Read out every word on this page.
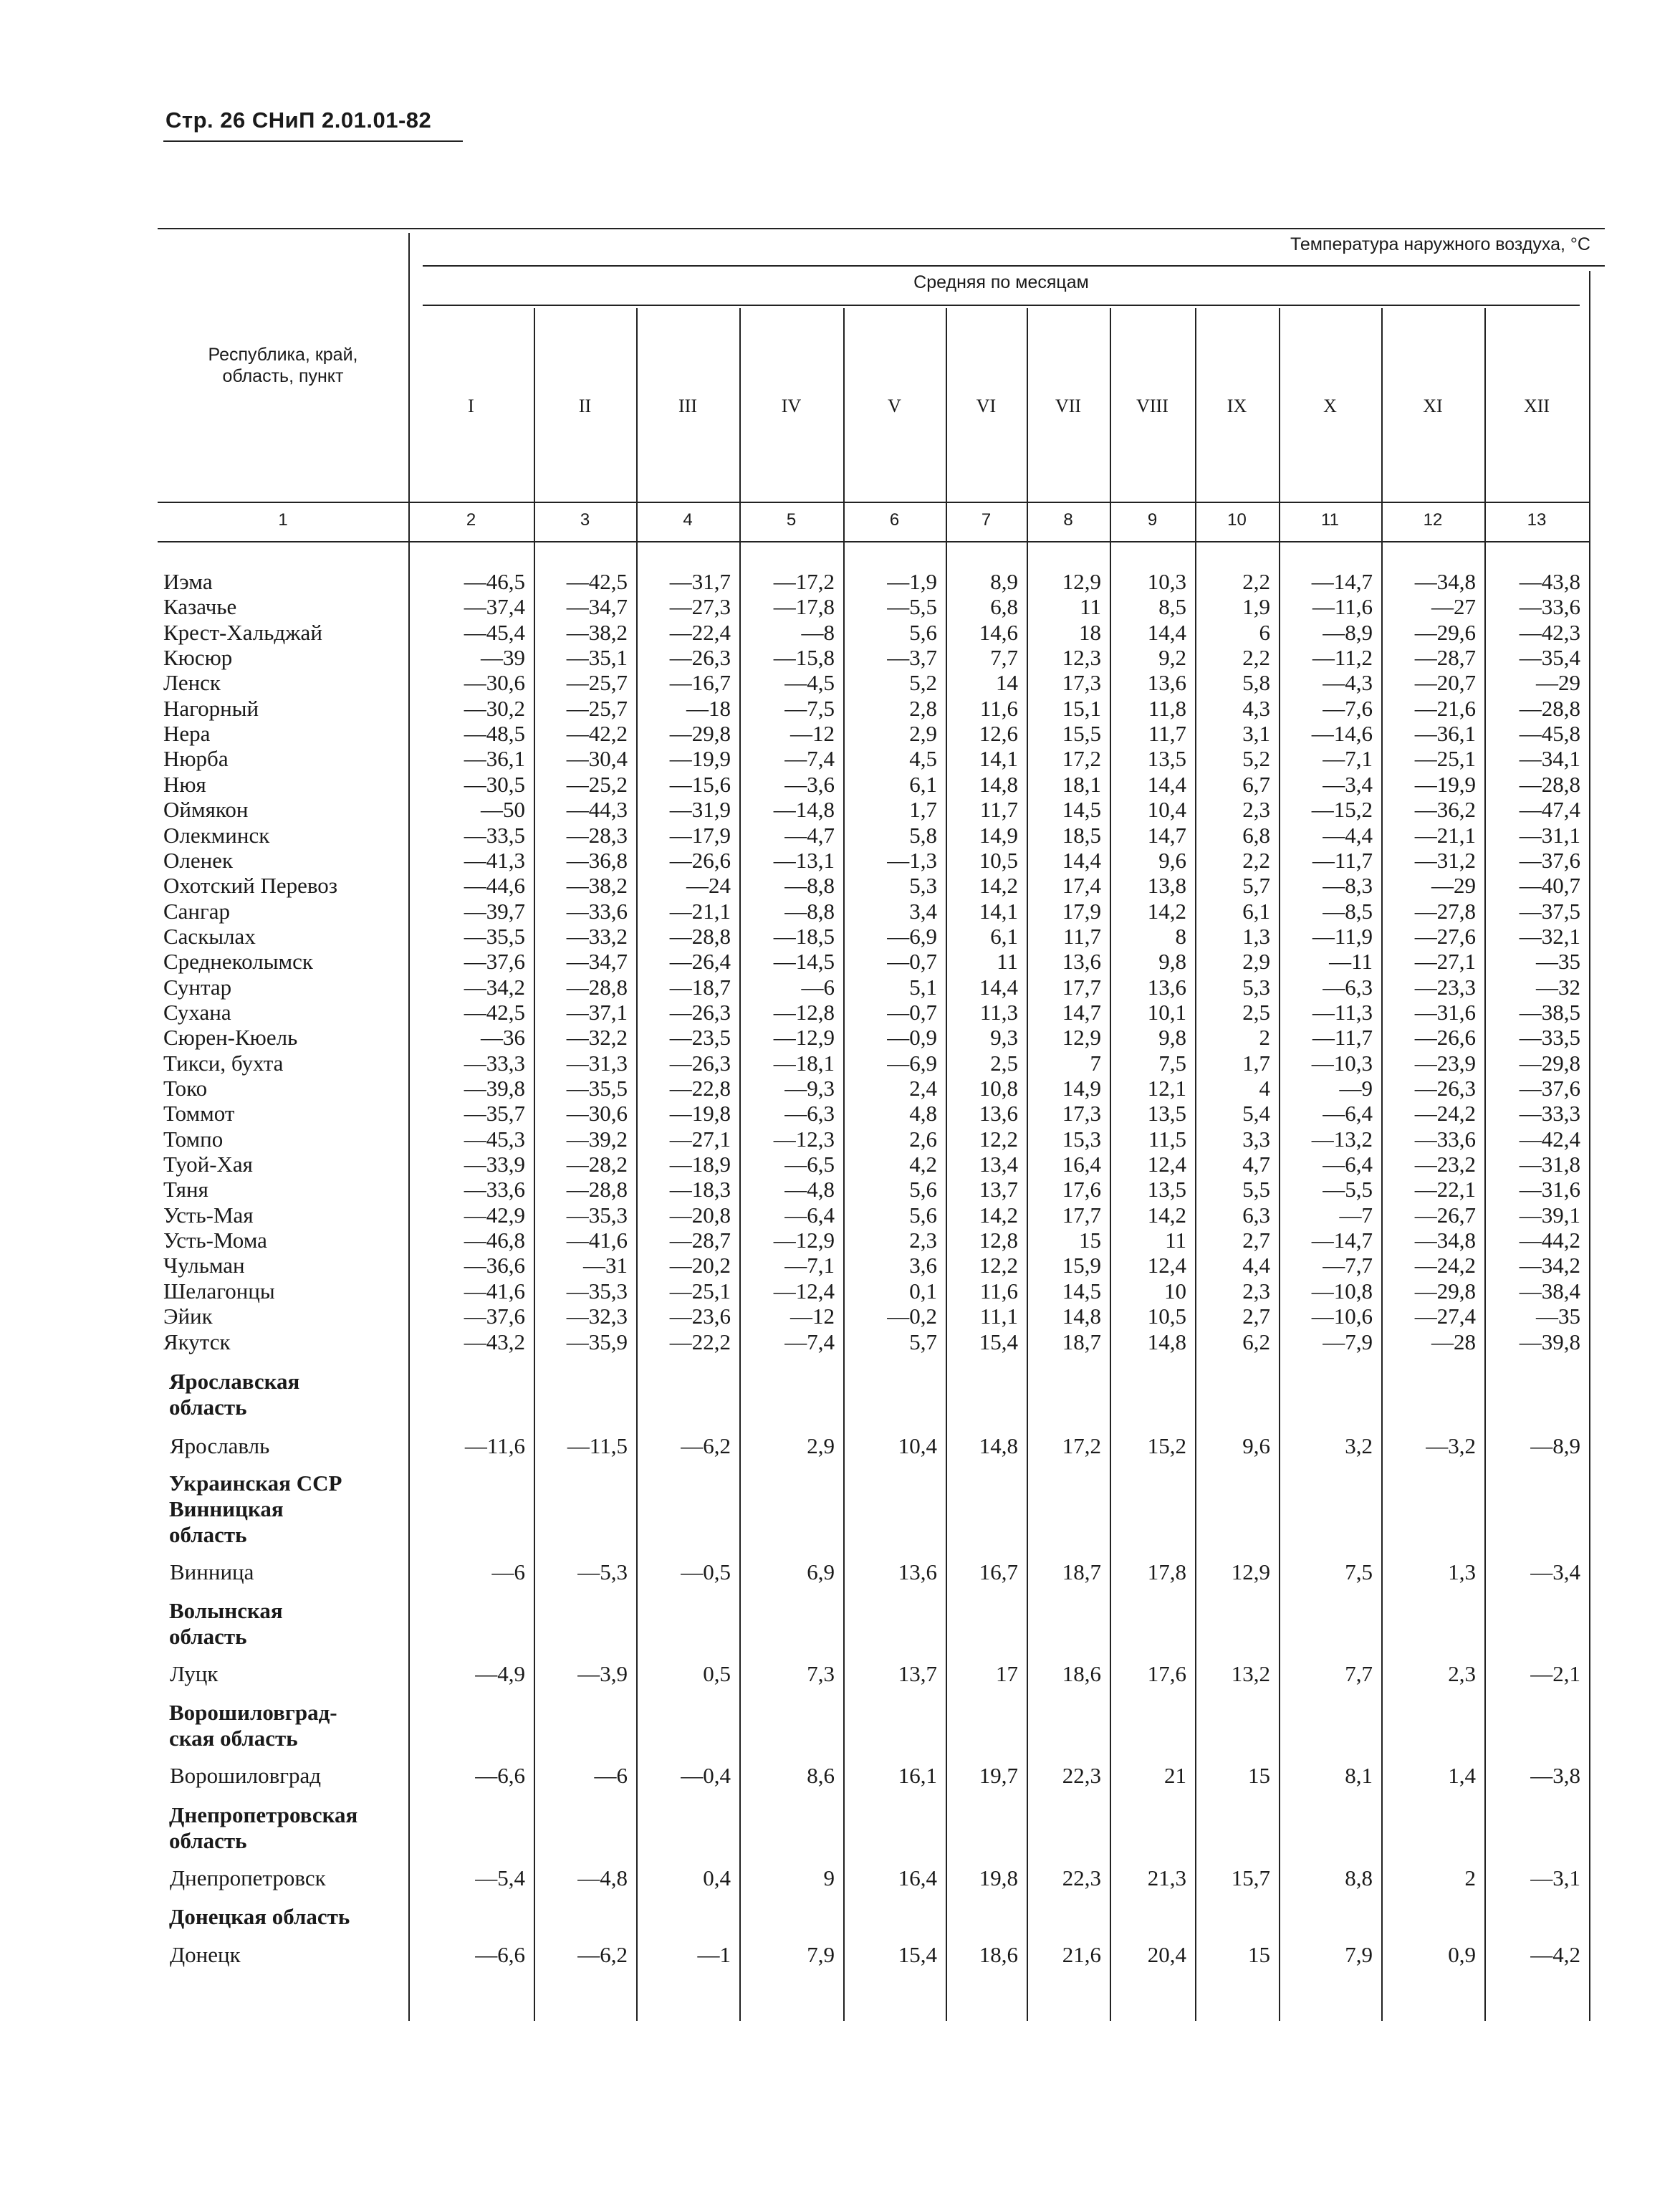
Стр. 26 СНиП 2.01.01-82
Температура наружного воздуха, °С
Средняя по месяцам
Республика, край,
область, пункт
I	II	III	IV	V	VI	VII	VIII	IX	X	XI	XII
1	2	3	4	5	6	7	8	9	10	11	12	13
Иэма	—46,5	—42,5	—31,7	—17,2	—1,9	8,9	12,9	10,3	2,2	—14,7	—34,8	—43,8
Казачье	—37,4	—34,7	—27,3	—17,8	—5,5	6,8	11	8,5	1,9	—11,6	—27	—33,6
Крест-Хальджай	—45,4	—38,2	—22,4	—8	5,6	14,6	18	14,4	6	—8,9	—29,6	—42,3
Кюсюр	—39	—35,1	—26,3	—15,8	—3,7	7,7	12,3	9,2	2,2	—11,2	—28,7	—35,4
Ленск	—30,6	—25,7	—16,7	—4,5	5,2	14	17,3	13,6	5,8	—4,3	—20,7	—29
Нагорный	—30,2	—25,7	—18	—7,5	2,8	11,6	15,1	11,8	4,3	—7,6	—21,6	—28,8
Нера	—48,5	—42,2	—29,8	—12	2,9	12,6	15,5	11,7	3,1	—14,6	—36,1	—45,8
Нюрба	—36,1	—30,4	—19,9	—7,4	4,5	14,1	17,2	13,5	5,2	—7,1	—25,1	—34,1
Нюя	—30,5	—25,2	—15,6	—3,6	6,1	14,8	18,1	14,4	6,7	—3,4	—19,9	—28,8
Оймякон	—50	—44,3	—31,9	—14,8	1,7	11,7	14,5	10,4	2,3	—15,2	—36,2	—47,4
Олекминск	—33,5	—28,3	—17,9	—4,7	5,8	14,9	18,5	14,7	6,8	—4,4	—21,1	—31,1
Оленек	—41,3	—36,8	—26,6	—13,1	—1,3	10,5	14,4	9,6	2,2	—11,7	—31,2	—37,6
Охотский Перевоз	—44,6	—38,2	—24	—8,8	5,3	14,2	17,4	13,8	5,7	—8,3	—29	—40,7
Сангар	—39,7	—33,6	—21,1	—8,8	3,4	14,1	17,9	14,2	6,1	—8,5	—27,8	—37,5
Саскылах	—35,5	—33,2	—28,8	—18,5	—6,9	6,1	11,7	8	1,3	—11,9	—27,6	—32,1
Среднеколымск	—37,6	—34,7	—26,4	—14,5	—0,7	11	13,6	9,8	2,9	—11	—27,1	—35
Сунтар	—34,2	—28,8	—18,7	—6	5,1	14,4	17,7	13,6	5,3	—6,3	—23,3	—32
Сухана	—42,5	—37,1	—26,3	—12,8	—0,7	11,3	14,7	10,1	2,5	—11,3	—31,6	—38,5
Сюрен-Кюель	—36	—32,2	—23,5	—12,9	—0,9	9,3	12,9	9,8	2	—11,7	—26,6	—33,5
Тикси, бухта	—33,3	—31,3	—26,3	—18,1	—6,9	2,5	7	7,5	1,7	—10,3	—23,9	—29,8
Токо	—39,8	—35,5	—22,8	—9,3	2,4	10,8	14,9	12,1	4	—9	—26,3	—37,6
Томмот	—35,7	—30,6	—19,8	—6,3	4,8	13,6	17,3	13,5	5,4	—6,4	—24,2	—33,3
Томпо	—45,3	—39,2	—27,1	—12,3	2,6	12,2	15,3	11,5	3,3	—13,2	—33,6	—42,4
Туой-Хая	—33,9	—28,2	—18,9	—6,5	4,2	13,4	16,4	12,4	4,7	—6,4	—23,2	—31,8
Тяня	—33,6	—28,8	—18,3	—4,8	5,6	13,7	17,6	13,5	5,5	—5,5	—22,1	—31,6
Усть-Мая	—42,9	—35,3	—20,8	—6,4	5,6	14,2	17,7	14,2	6,3	—7	—26,7	—39,1
Усть-Мома	—46,8	—41,6	—28,7	—12,9	2,3	12,8	15	11	2,7	—14,7	—34,8	—44,2
Чульман	—36,6	—31	—20,2	—7,1	3,6	12,2	15,9	12,4	4,4	—7,7	—24,2	—34,2
Шелагонцы	—41,6	—35,3	—25,1	—12,4	0,1	11,6	14,5	10	2,3	—10,8	—29,8	—38,4
Эйик	—37,6	—32,3	—23,6	—12	—0,2	11,1	14,8	10,5	2,7	—10,6	—27,4	—35
Якутск	—43,2	—35,9	—22,2	—7,4	5,7	15,4	18,7	14,8	6,2	—7,9	—28	—39,8
Ярославская
область
Ярославль	—11,6	—11,5	—6,2	2,9	10,4	14,8	17,2	15,2	9,6	3,2	—3,2	—8,9
Украинская ССР
Винницкая
область
Винница	—6	—5,3	—0,5	6,9	13,6	16,7	18,7	17,8	12,9	7,5	1,3	—3,4
Волынская
область
Луцк	—4,9	—3,9	0,5	7,3	13,7	17	18,6	17,6	13,2	7,7	2,3	—2,1
Ворошиловград-
ская область
Ворошиловград	—6,6	—6	—0,4	8,6	16,1	19,7	22,3	21	15	8,1	1,4	—3,8
Днепропетровская
область
Днепропетровск	—5,4	—4,8	0,4	9	16,4	19,8	22,3	21,3	15,7	8,8	2	—3,1
Донецкая область
Донецк	—6,6	—6,2	—1	7,9	15,4	18,6	21,6	20,4	15	7,9	0,9	—4,2
